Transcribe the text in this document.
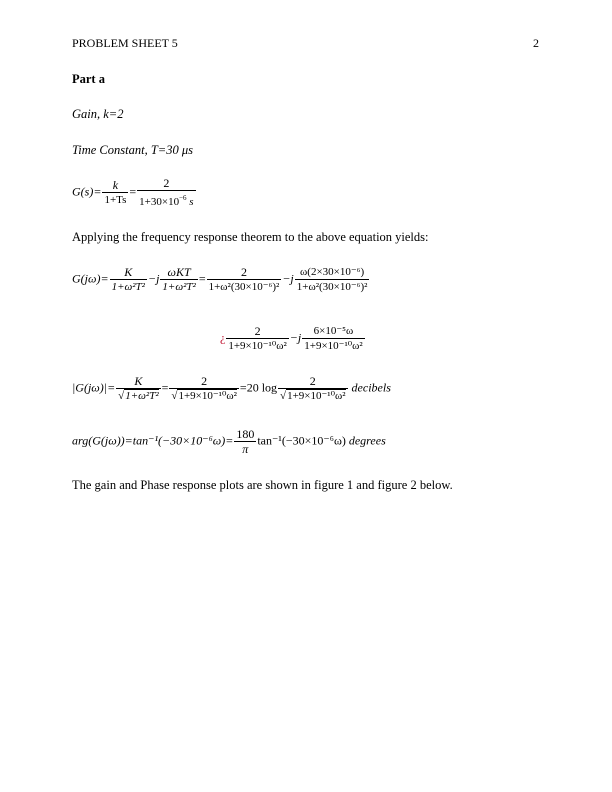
PROBLEM SHEET 5	2
Part a
Gain, k=2
Time Constant, T=30 μs
$G(s)= \frac{k}{1+Ts} = \frac{2}{1+30\times 10^{-6} s}$
Applying the frequency response theorem to the above equation yields:
$G(j\omega)= \frac{K}{\text{1+ω²T²}} -j \frac{\text{ωKT}}{\text{1+ω²T²}} = \frac{2}{\text{1+ω²(30×10⁻⁶)²}} -j \frac{\text{ω(2×30×10⁻⁶)}}{\text{1+ω²(30×10⁻⁶)²}}$
¿ $\frac{2}{\text{1+9×10⁻¹⁰ω²}} -j \frac{\text{6×10⁻⁵ω}}{\text{1+9×10⁻¹⁰ω²}}$
$|G(j\omega)|= \frac{K}{\text{√1+ω²T²}} = \frac{2}{\text{√1+9×10⁻¹⁰ω²}} =20$ $\log \frac{2}{\text{√1+9×10⁻¹⁰ω²}}$ decibels
$arg(G(j\omega))=\tan^{-1}(-30\times 10^{-6}\omega)= \frac{180}{\pi} \tan^{-1}(-30\times 10^{-6}\omega)$ degrees
The gain and Phase response plots are shown in figure 1 and figure 2 below.
